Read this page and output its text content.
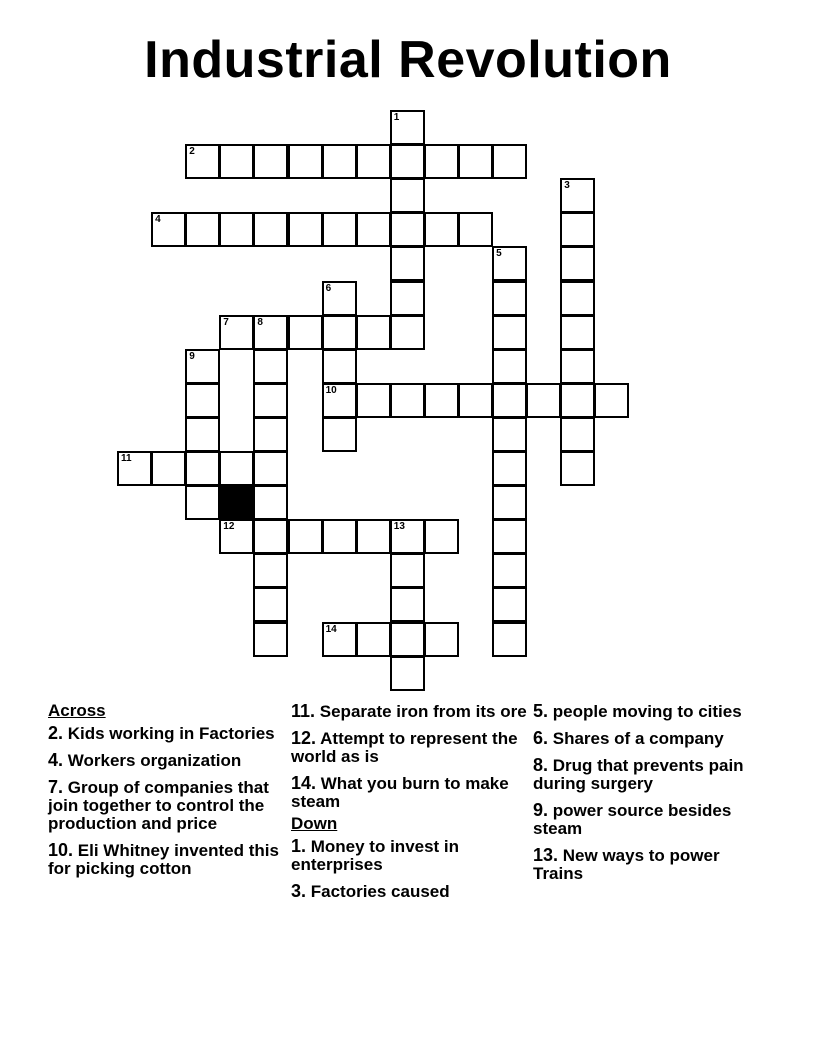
Industrial Revolution
2
4
7	8
10
11
12	13
14
1
3
5
6
9
Across
2. Kids working in Factories
4. Workers organization
7. Group of companies that join together to control the production and price
10. Eli Whitney invented this for picking cotton
11. Separate iron from its ore
12. Attempt to represent the world as is
14. What you burn to make steam
Down
1. Money to invest in enterprises
3. Factories caused
5. people moving to cities
6. Shares of a company
8. Drug that prevents pain during surgery
9. power source besides steam
13. New ways to power Trains
